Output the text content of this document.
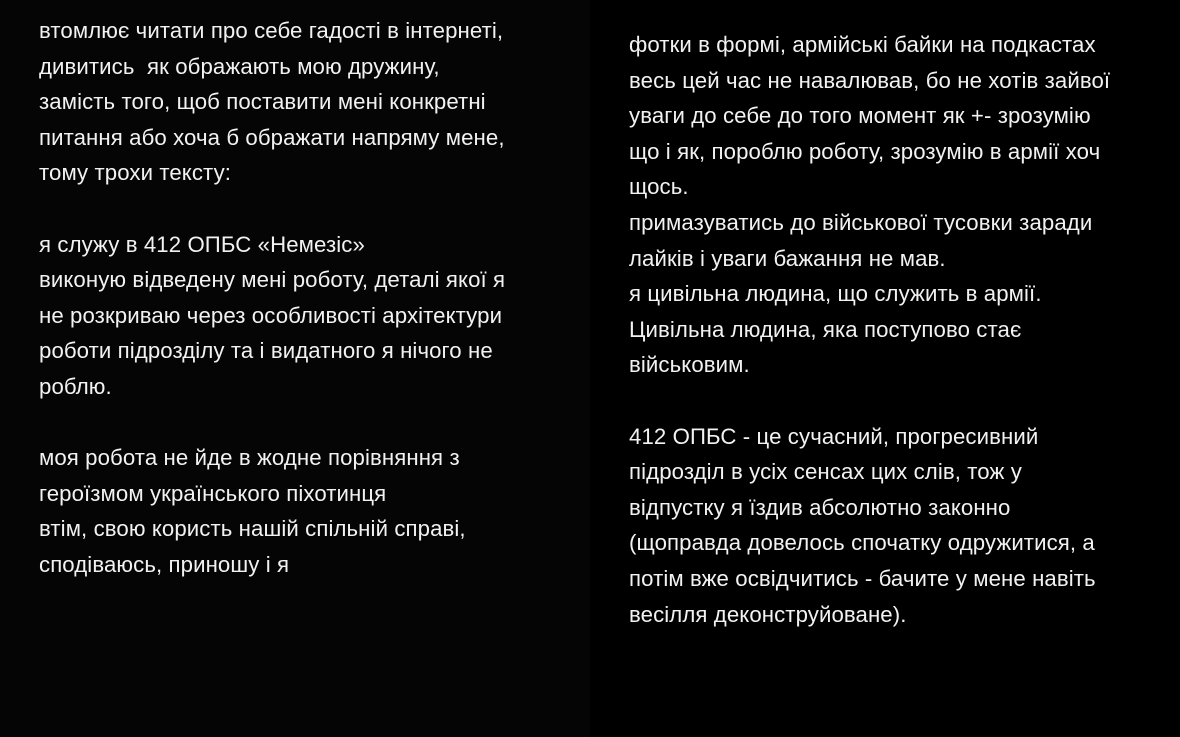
втомлює читати про себе гадості в інтернеті,
дивитись  як ображають мою дружину,
замість того, щоб поставити мені конкретні
питання або хоча б ображати напряму мене,
тому трохи тексту:
я служу в 412 ОПБС «Немезіс»
виконую відведену мені роботу, деталі якої я
не розкриваю через особливості архітектури
роботи підрозділу та і видатного я нічого не
роблю.
моя робота не йде в жодне порівняння з
героїзмом українського піхотинця
втім, свою користь нашій спільній справі,
сподіваюсь, приношу і я
фотки в формі, армійські байки на подкастах
весь цей час не навалював, бо не хотів зайвої
уваги до себе до того момент як +- зрозумію
що і як, пороблю роботу, зрозумію в армії хоч
щось.
примазуватись до військової тусовки заради
лайків і уваги бажання не мав.
я цивільна людина, що служить в армії.
Цивільна людина, яка поступово стає
військовим.
412 ОПБС - це сучасний, прогресивний
підрозділ в усіх сенсах цих слів, тож у
відпустку я їздив абсолютно законно
(щоправда довелось спочатку одружитися, а
потім вже освідчитись - бачите у мене навіть
весілля деконструйоване).
